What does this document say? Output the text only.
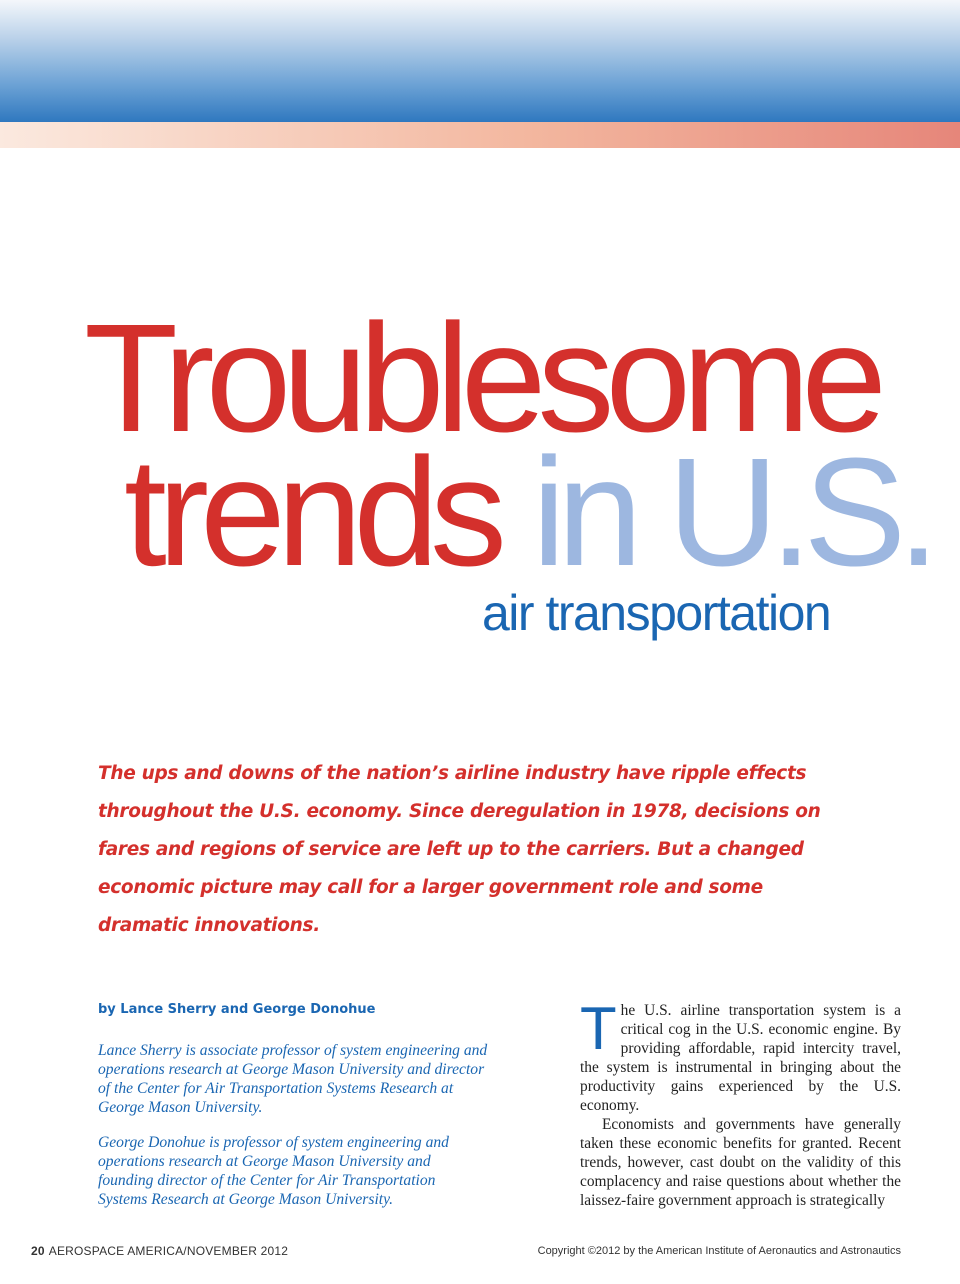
Troublesome
trends in U.S.
air transportation

The ups and downs of the nation’s airline industry have ripple effects throughout the U.S. economy. Since deregulation in 1978, decisions on fares and regions of service are left up to the carriers. But a changed economic picture may call for a larger government role and some dramatic innovations.

by Lance Sherry and George Donohue

Lance Sherry is associate professor of system engineering and operations research at George Mason University and director of the Center for Air Transportation Systems Research at George Mason University.

George Donohue is professor of system engineering and operations research at George Mason University and founding director of the Center for Air Transportation Systems Research at George Mason University.

The U.S. airline transportation system is a critical cog in the U.S. economic engine. By providing affordable, rapid intercity travel, the system is instrumental in bringing about the productivity gains experienced by the U.S. economy.

Economists and governments have generally taken these economic benefits for granted. Recent trends, however, cast doubt on the validity of this complacency and raise questions about whether the laissez-faire government approach is strategically

20 AEROSPACE AMERICA/NOVEMBER 2012	Copyright ©2012 by the American Institute of Aeronautics and Astronautics
